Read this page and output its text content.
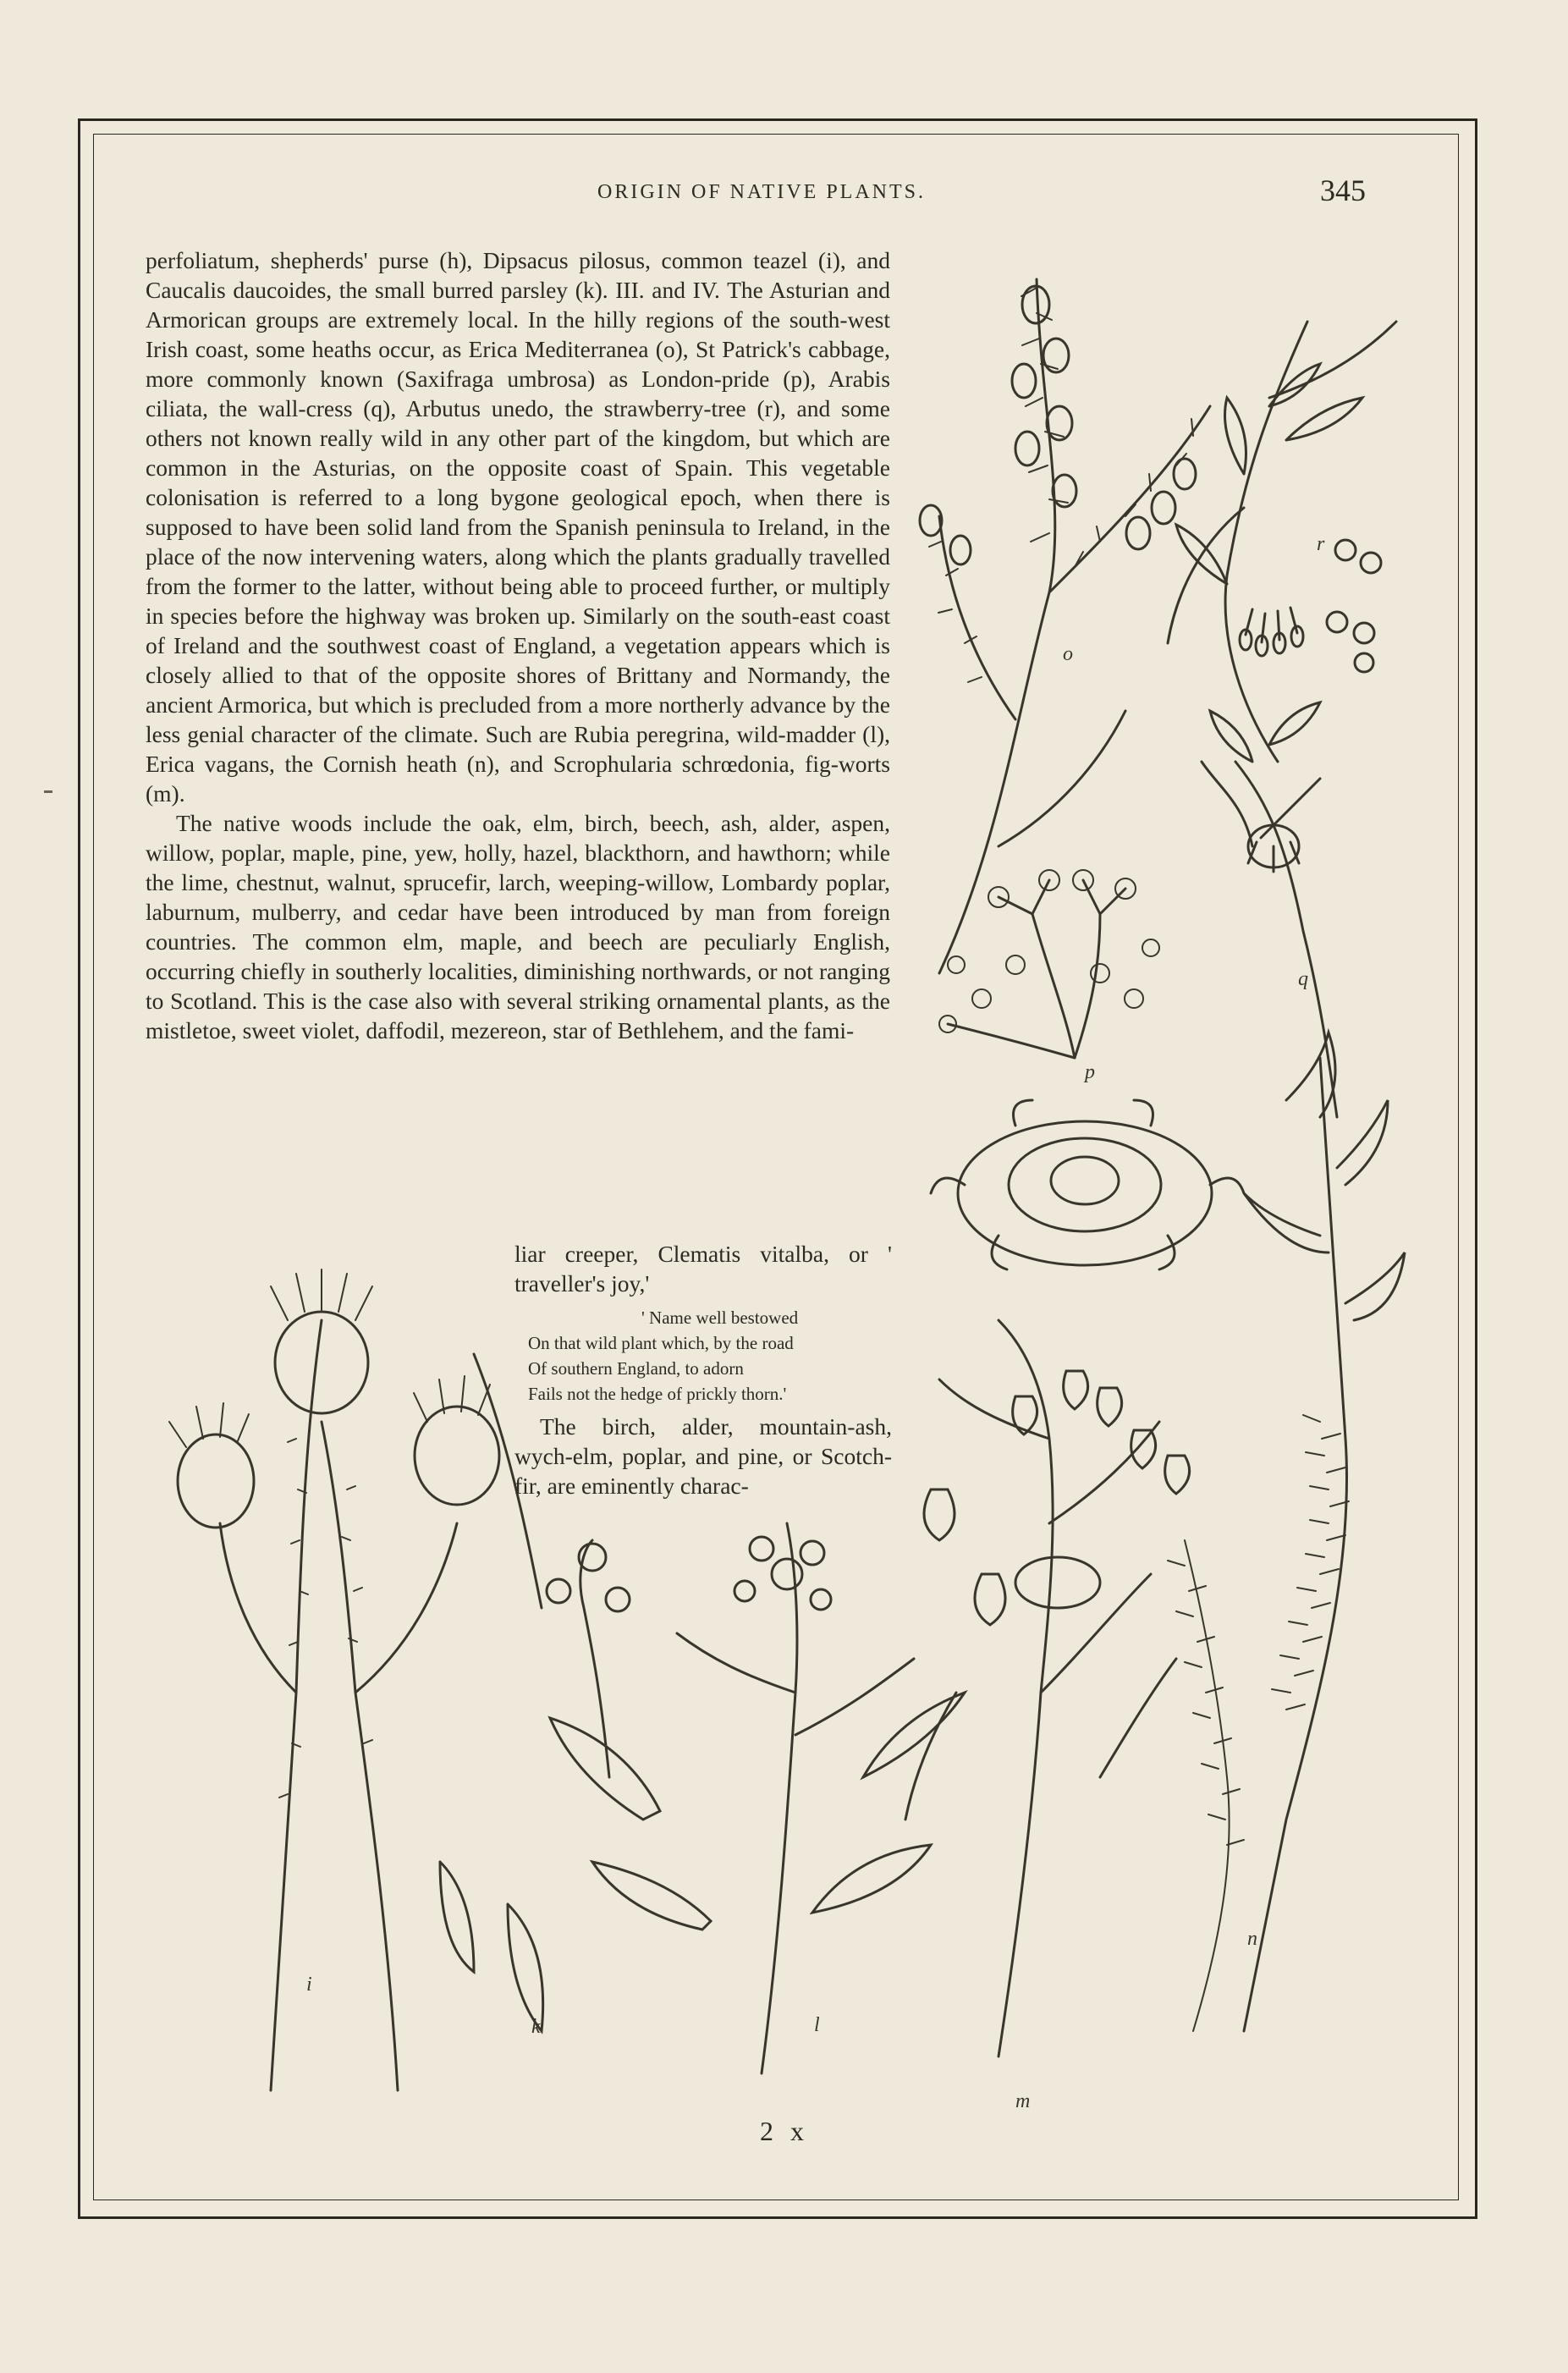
ORIGIN OF NATIVE PLANTS.	345

perfoliatum, shepherds' purse (h), Dipsacus pilosus, common teazel (i), and Caucalis daucoides, the small burred parsley (k). III. and IV. The Asturian and Armorican groups are extremely local. In the hilly regions of the south-west Irish coast, some heaths occur, as Erica Mediterranea (o), St Patrick's cabbage, more commonly known (Saxifraga umbrosa) as London-pride (p), Arabis ciliata, the wall-cress (q), Arbutus unedo, the strawberry-tree (r), and some others not known really wild in any other part of the kingdom, but which are common in the Asturias, on the opposite coast of Spain. This vegetable colonisation is referred to a long bygone geological epoch, when there is supposed to have been solid land from the Spanish peninsula to Ireland, in the place of the now intervening waters, along which the plants gradually travelled from the former to the latter, without being able to proceed further, or multiply in species before the highway was broken up. Similarly on the south-east coast of Ireland and the southwest coast of England, a vegetation appears which is closely allied to that of the opposite shores of Brittany and Normandy, the ancient Armorica, but which is precluded from a more northerly advance by the less genial character of the climate. Such are Rubia peregrina, wild-madder (l), Erica vagans, the Cornish heath (n), and Scrophularia schrœdonia, fig-worts (m).

The native woods include the oak, elm, birch, beech, ash, alder, aspen, willow, poplar, maple, pine, yew, holly, hazel, blackthorn, and hawthorn; while the lime, chestnut, walnut, sprucefir, larch, weeping-willow, Lombardy poplar, laburnum, mulberry, and cedar have been introduced by man from foreign countries. The common elm, maple, and beech are peculiarly English, occurring chiefly in southerly localities, diminishing northwards, or not ranging to Scotland. This is the case also with several striking ornamental plants, as the mistletoe, sweet violet, daffodil, mezereon, star of Bethlehem, and the fami-

liar creeper, Clematis vitalba, or ' traveller's joy,'

' Name well bestowed
On that wild plant which, by the road
Of southern England, to adorn
Fails not the hedge of prickly thorn.'

The birch, alder, mountain-ash, wych-elm, poplar, and pine, or Scotch-fir, are eminently charac-

o
r
q
p
i
k	l
m
n
2 x
